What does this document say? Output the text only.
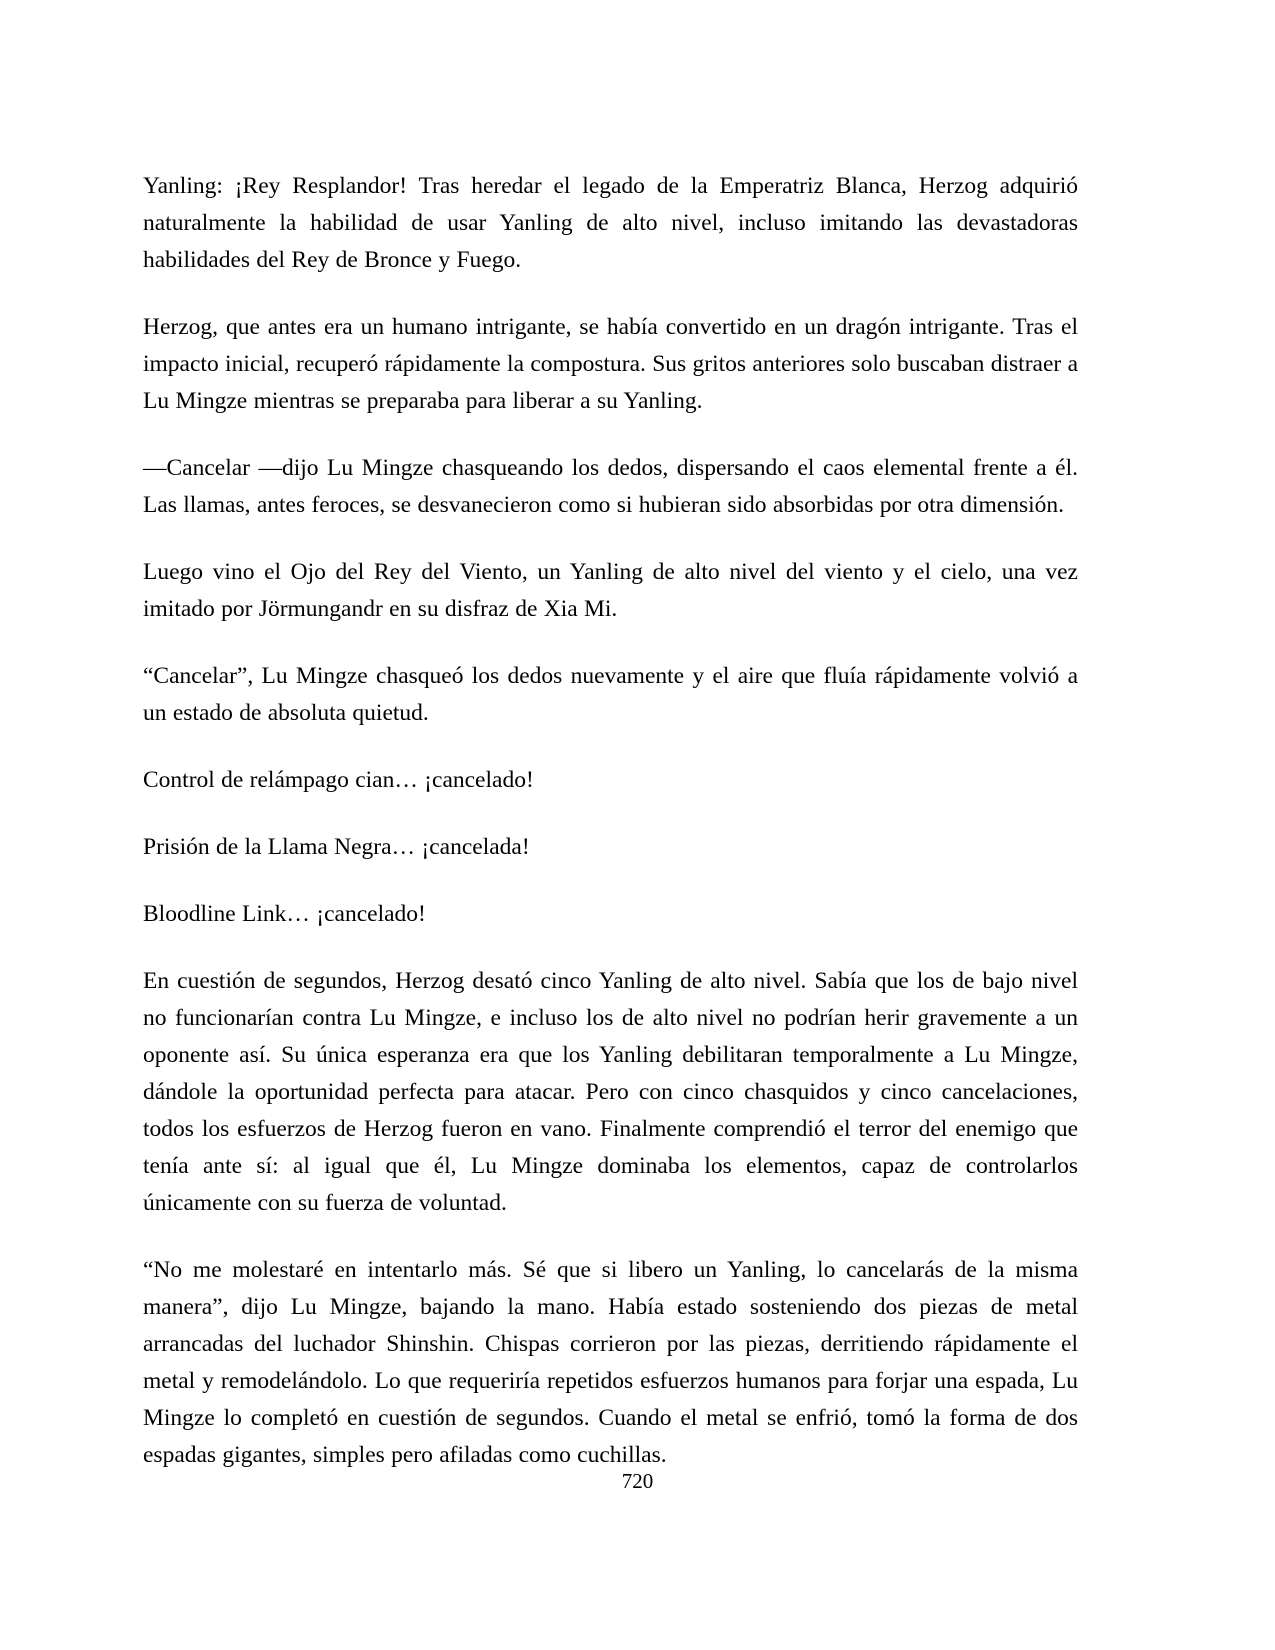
Yanling: ¡Rey Resplandor! Tras heredar el legado de la Emperatriz Blanca, Herzog adquirió naturalmente la habilidad de usar Yanling de alto nivel, incluso imitando las devastadoras habilidades del Rey de Bronce y Fuego.

Herzog, que antes era un humano intrigante, se había convertido en un dragón intrigante. Tras el impacto inicial, recuperó rápidamente la compostura. Sus gritos anteriores solo buscaban distraer a Lu Mingze mientras se preparaba para liberar a su Yanling.

—Cancelar —dijo Lu Mingze chasqueando los dedos, dispersando el caos elemental frente a él. Las llamas, antes feroces, se desvanecieron como si hubieran sido absorbidas por otra dimensión.

Luego vino el Ojo del Rey del Viento, un Yanling de alto nivel del viento y el cielo, una vez imitado por Jörmungandr en su disfraz de Xia Mi.

“Cancelar”, Lu Mingze chasqueó los dedos nuevamente y el aire que fluía rápidamente volvió a un estado de absoluta quietud.

Control de relámpago cian… ¡cancelado!

Prisión de la Llama Negra… ¡cancelada!

Bloodline Link… ¡cancelado!

En cuestión de segundos, Herzog desató cinco Yanling de alto nivel. Sabía que los de bajo nivel no funcionarían contra Lu Mingze, e incluso los de alto nivel no podrían herir gravemente a un oponente así. Su única esperanza era que los Yanling debilitaran temporalmente a Lu Mingze, dándole la oportunidad perfecta para atacar. Pero con cinco chasquidos y cinco cancelaciones, todos los esfuerzos de Herzog fueron en vano. Finalmente comprendió el terror del enemigo que tenía ante sí: al igual que él, Lu Mingze dominaba los elementos, capaz de controlarlos únicamente con su fuerza de voluntad.

“No me molestaré en intentarlo más. Sé que si libero un Yanling, lo cancelarás de la misma manera”, dijo Lu Mingze, bajando la mano. Había estado sosteniendo dos piezas de metal arrancadas del luchador Shinshin. Chispas corrieron por las piezas, derritiendo rápidamente el metal y remodelándolo. Lo que requeriría repetidos esfuerzos humanos para forjar una espada, Lu Mingze lo completó en cuestión de segundos. Cuando el metal se enfrió, tomó la forma de dos espadas gigantes, simples pero afiladas como cuchillas.

720
